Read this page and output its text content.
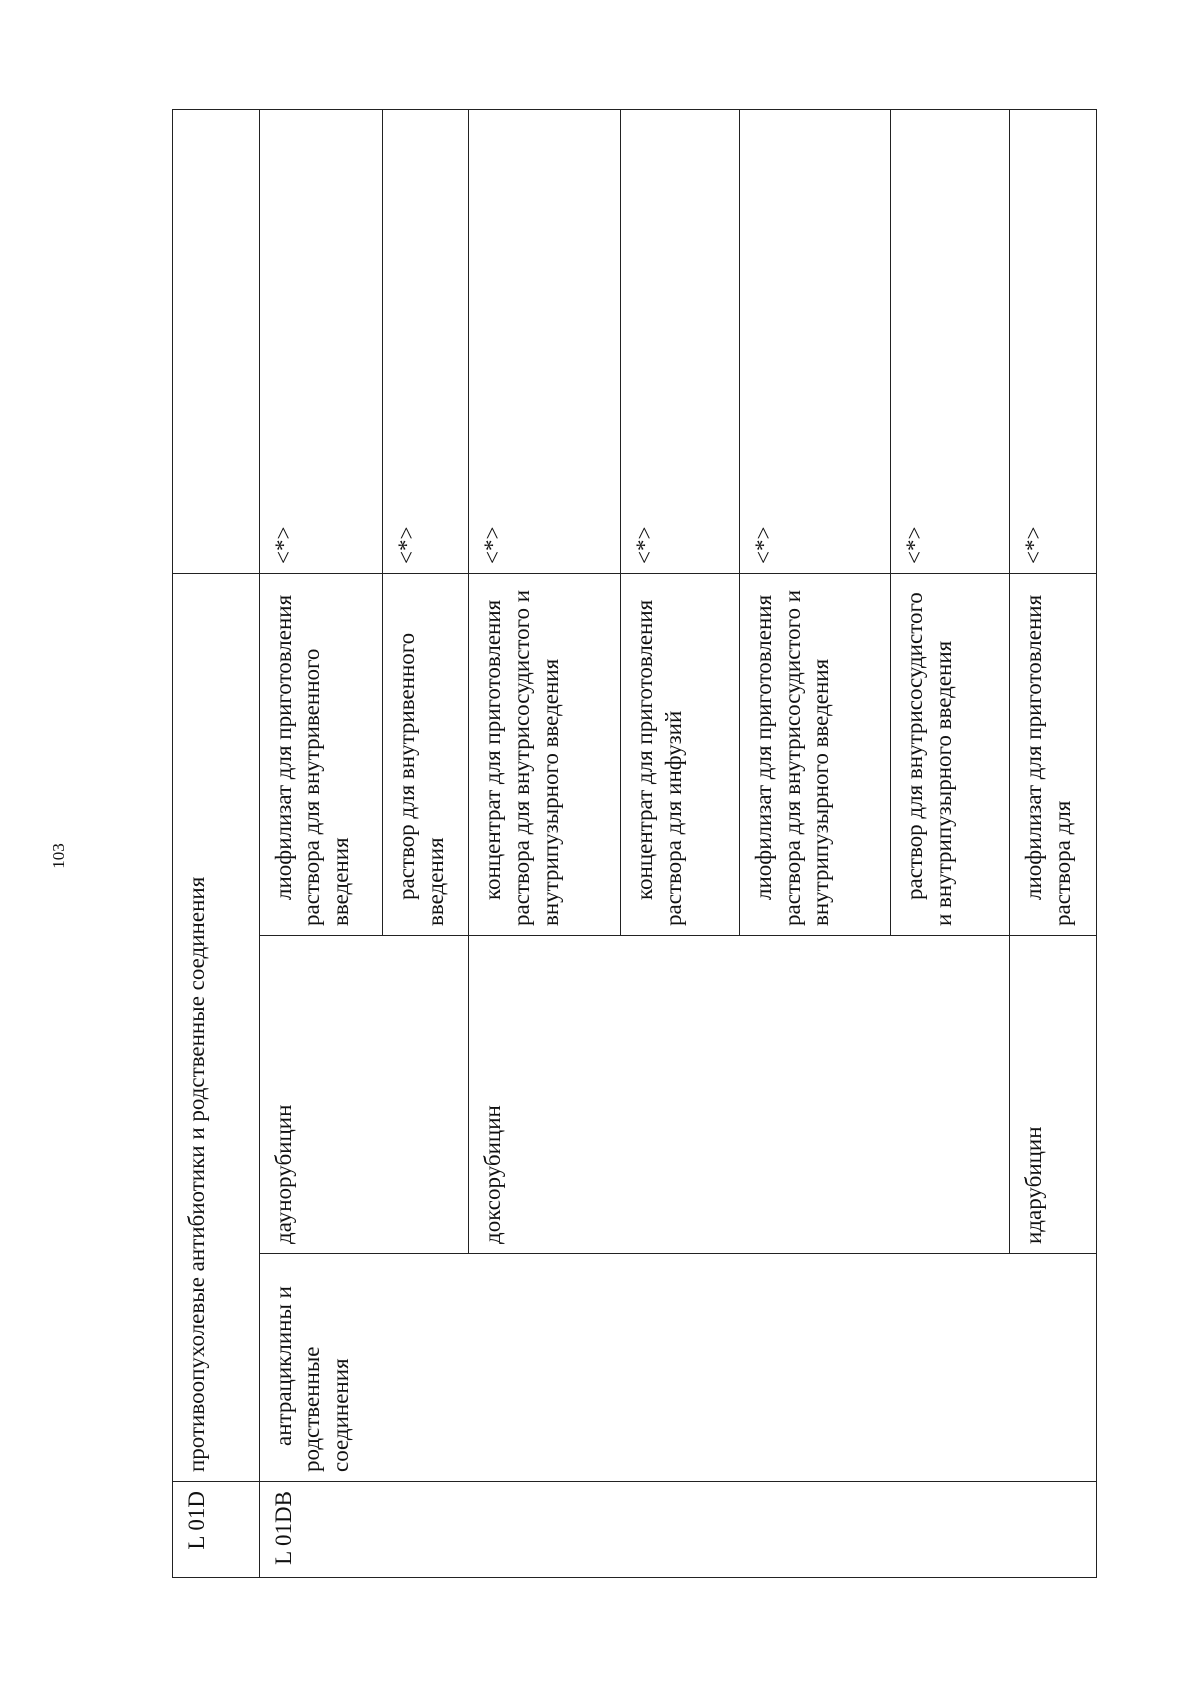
103
L 01D	противоопухолевые антибиотики и родственные соединения			
L 01DB	антрациклины и родственные соединения	даунорубицин	лиофилизат для приготовления раствора для внутривенного введения	<*>
			раствор для внутривенного введения	<*>
		доксорубицин	концентрат для приготовления раствора для внутрисосудистого и внутрипузырного введения	<*>
			концентрат для приготовления раствора для инфузий	<*>
			лиофилизат для приготовления раствора для внутрисосудистого и внутрипузырного введения	<*>
			раствор для внутрисосудистого и внутрипузырного введения	<*>
		идарубицин	лиофилизат для приготовления раствора для	<*>
